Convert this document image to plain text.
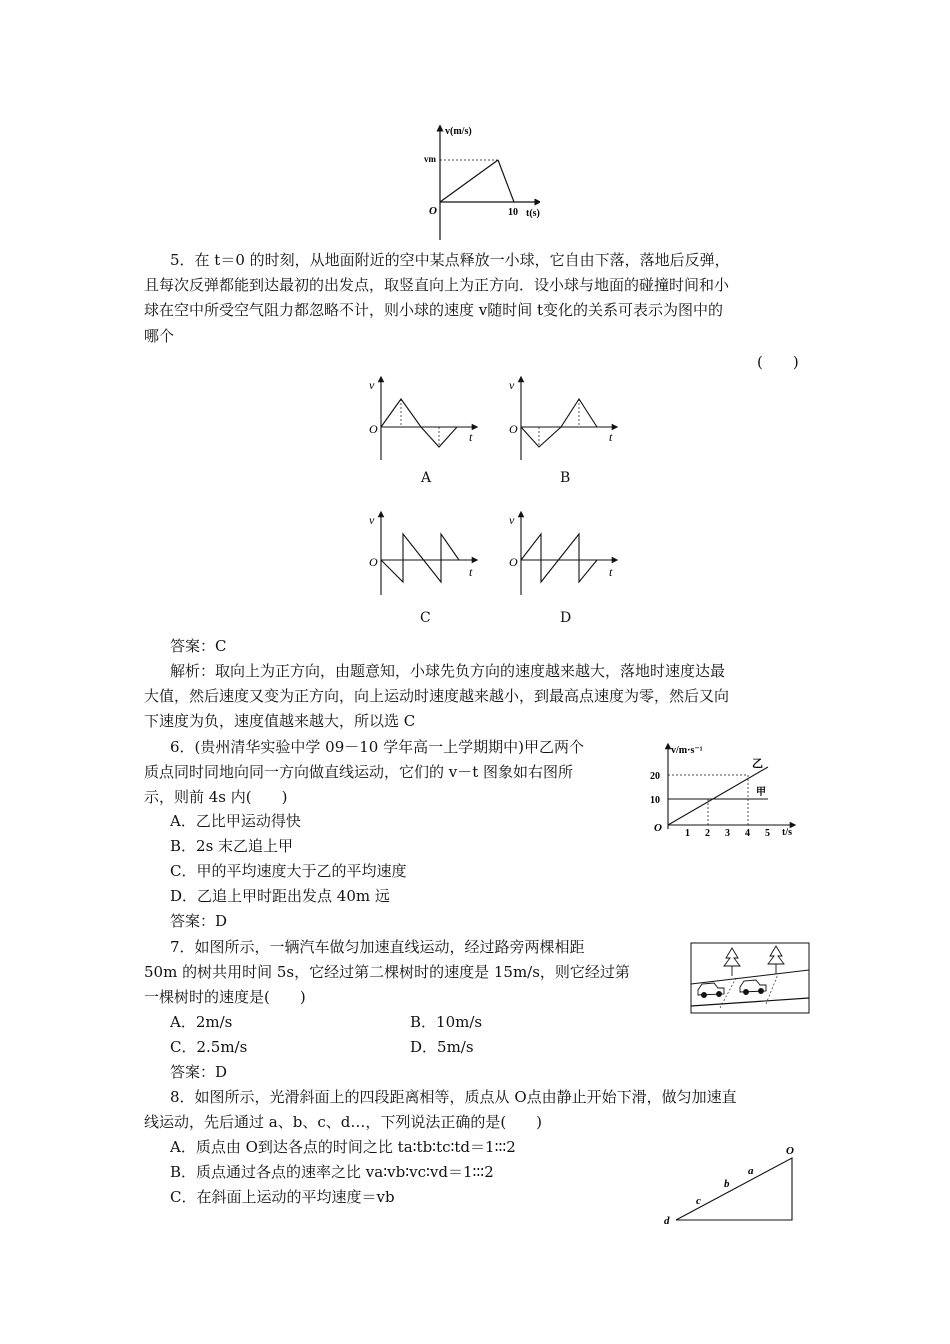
v(m/s)
vm
O	10 t(s)
5．在 t＝0 的时刻，从地面附近的空中某点释放一小球，它自由下落，落地后反弹，
且每次反弹都能到达最初的出发点，取竖直向上为正方向．设小球与地面的碰撞时间和小
球在空中所受空气阻力都忽略不计，则小球的速度 v随时间 t变化的关系可表示为图中的
哪个
(　　)
v
O
t
A
v
O
t
B
v
O
t
C
v
O
t
D
答案：C
解析：取向上为正方向，由题意知，小球先负方向的速度越来越大，落地时速度达最
大值，然后速度又变为正方向，向上运动时速度越来越小，到最高点速度为零，然后又向
下速度为负，速度值越来越大，所以选 C
6．(贵州清华实验中学 09－10 学年高一上学期期中)甲乙两个
质点同时同地向同一方向做直线运动，它们的 v－t 图象如右图所
示，则前 4s 内(　　)
A．乙比甲运动得快
B．2s 末乙追上甲
C．甲的平均速度大于乙的平均速度
D．乙追上甲时距出发点 40m 远
答案：D
v/m·s⁻¹
20
10
O 1 2 3 4 5 t/s
乙
甲
7．如图所示，一辆汽车做匀加速直线运动，经过路旁两棵相距
50m 的树共用时间 5s，它经过第二棵树时的速度是 15m/s，则它经过第
一棵树时的速度是(　　)
A．2m/s	B．10m/s
C．2.5m/s	D．5m/s
答案：D
8．如图所示，光滑斜面上的四段距离相等，质点从 O点由静止开始下滑，做匀加速直
线运动，先后通过 a、b、c、d…，下列说法正确的是(　　)
A．质点由 O到达各点的时间之比 ta∶tb∶tc∶td＝1∶∶∶2
B．质点通过各点的速率之比 va∶vb∶vc∶vd＝1∶∶∶2
C．在斜面上运动的平均速度＝vb
O
a
b
c
d
